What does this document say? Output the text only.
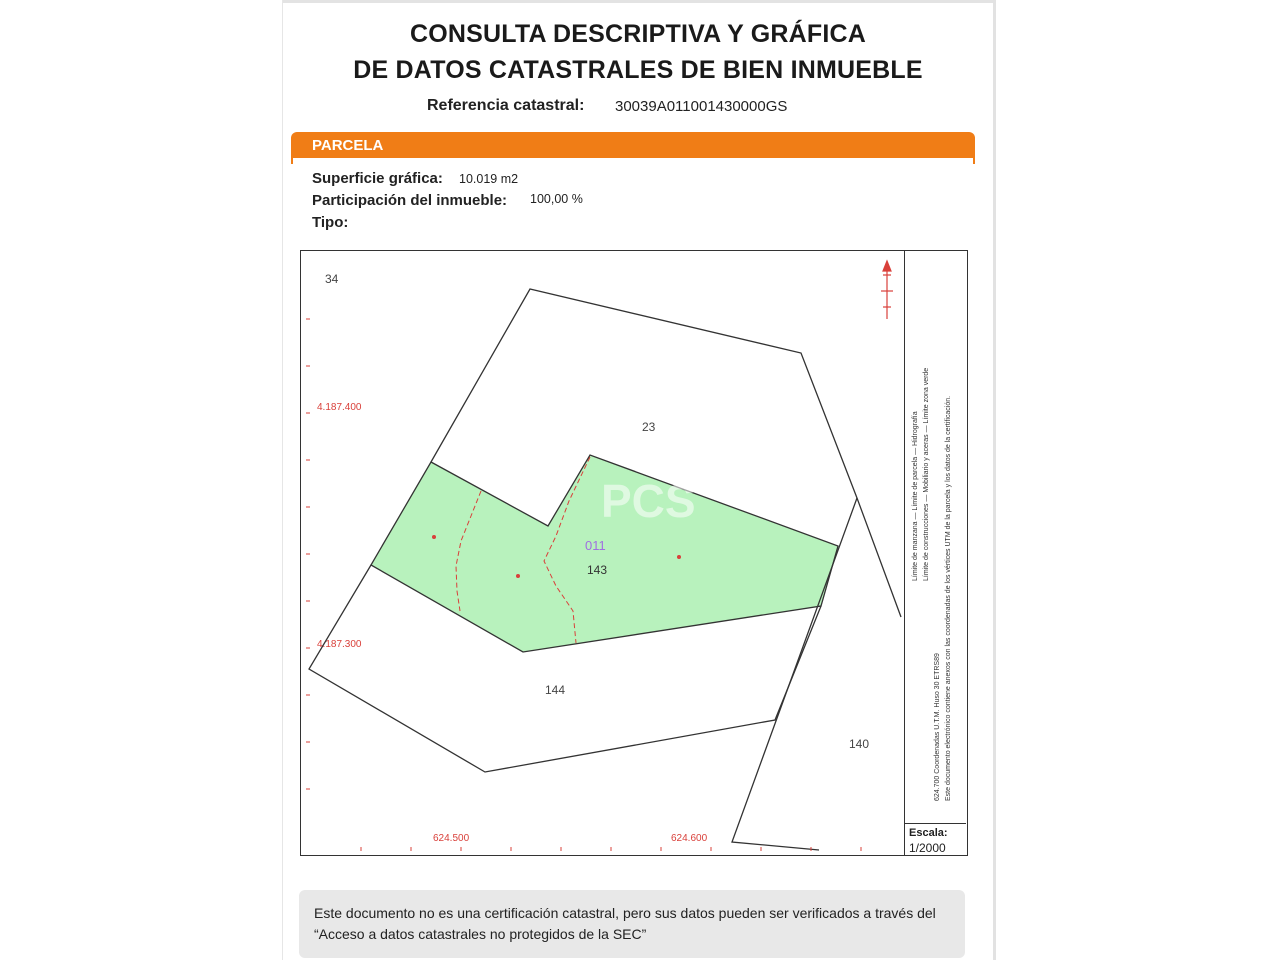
CONSULTA DESCRIPTIVA Y GRÁFICA
DE DATOS CATASTRALES DE BIEN INMUEBLE
Referencia catastral: 30039A011001430000GS
PARCELA
Superficie gráfica: 10.019 m2
Participación del inmueble: 100,00 %
Tipo:
PCS
34
23
011
143
144
140
4.187.400
4.187.300
624.500	624.600
Límite de manzana — Límite de parcela — Hidrografía Límite de construcciones — Mobiliario y aceras — Límite zona verde
624.700 Coordenadas U.T.M. Huso 30 ETRS89 Este documento electrónico contiene anexos con las coordenadas de los vértices UTM de la parcela y los datos de la certificación.
Escala:
1/2000
Este documento no es una certificación catastral, pero sus datos pueden ser verificados a través del “Acceso a datos catastrales no protegidos de la SEC”
